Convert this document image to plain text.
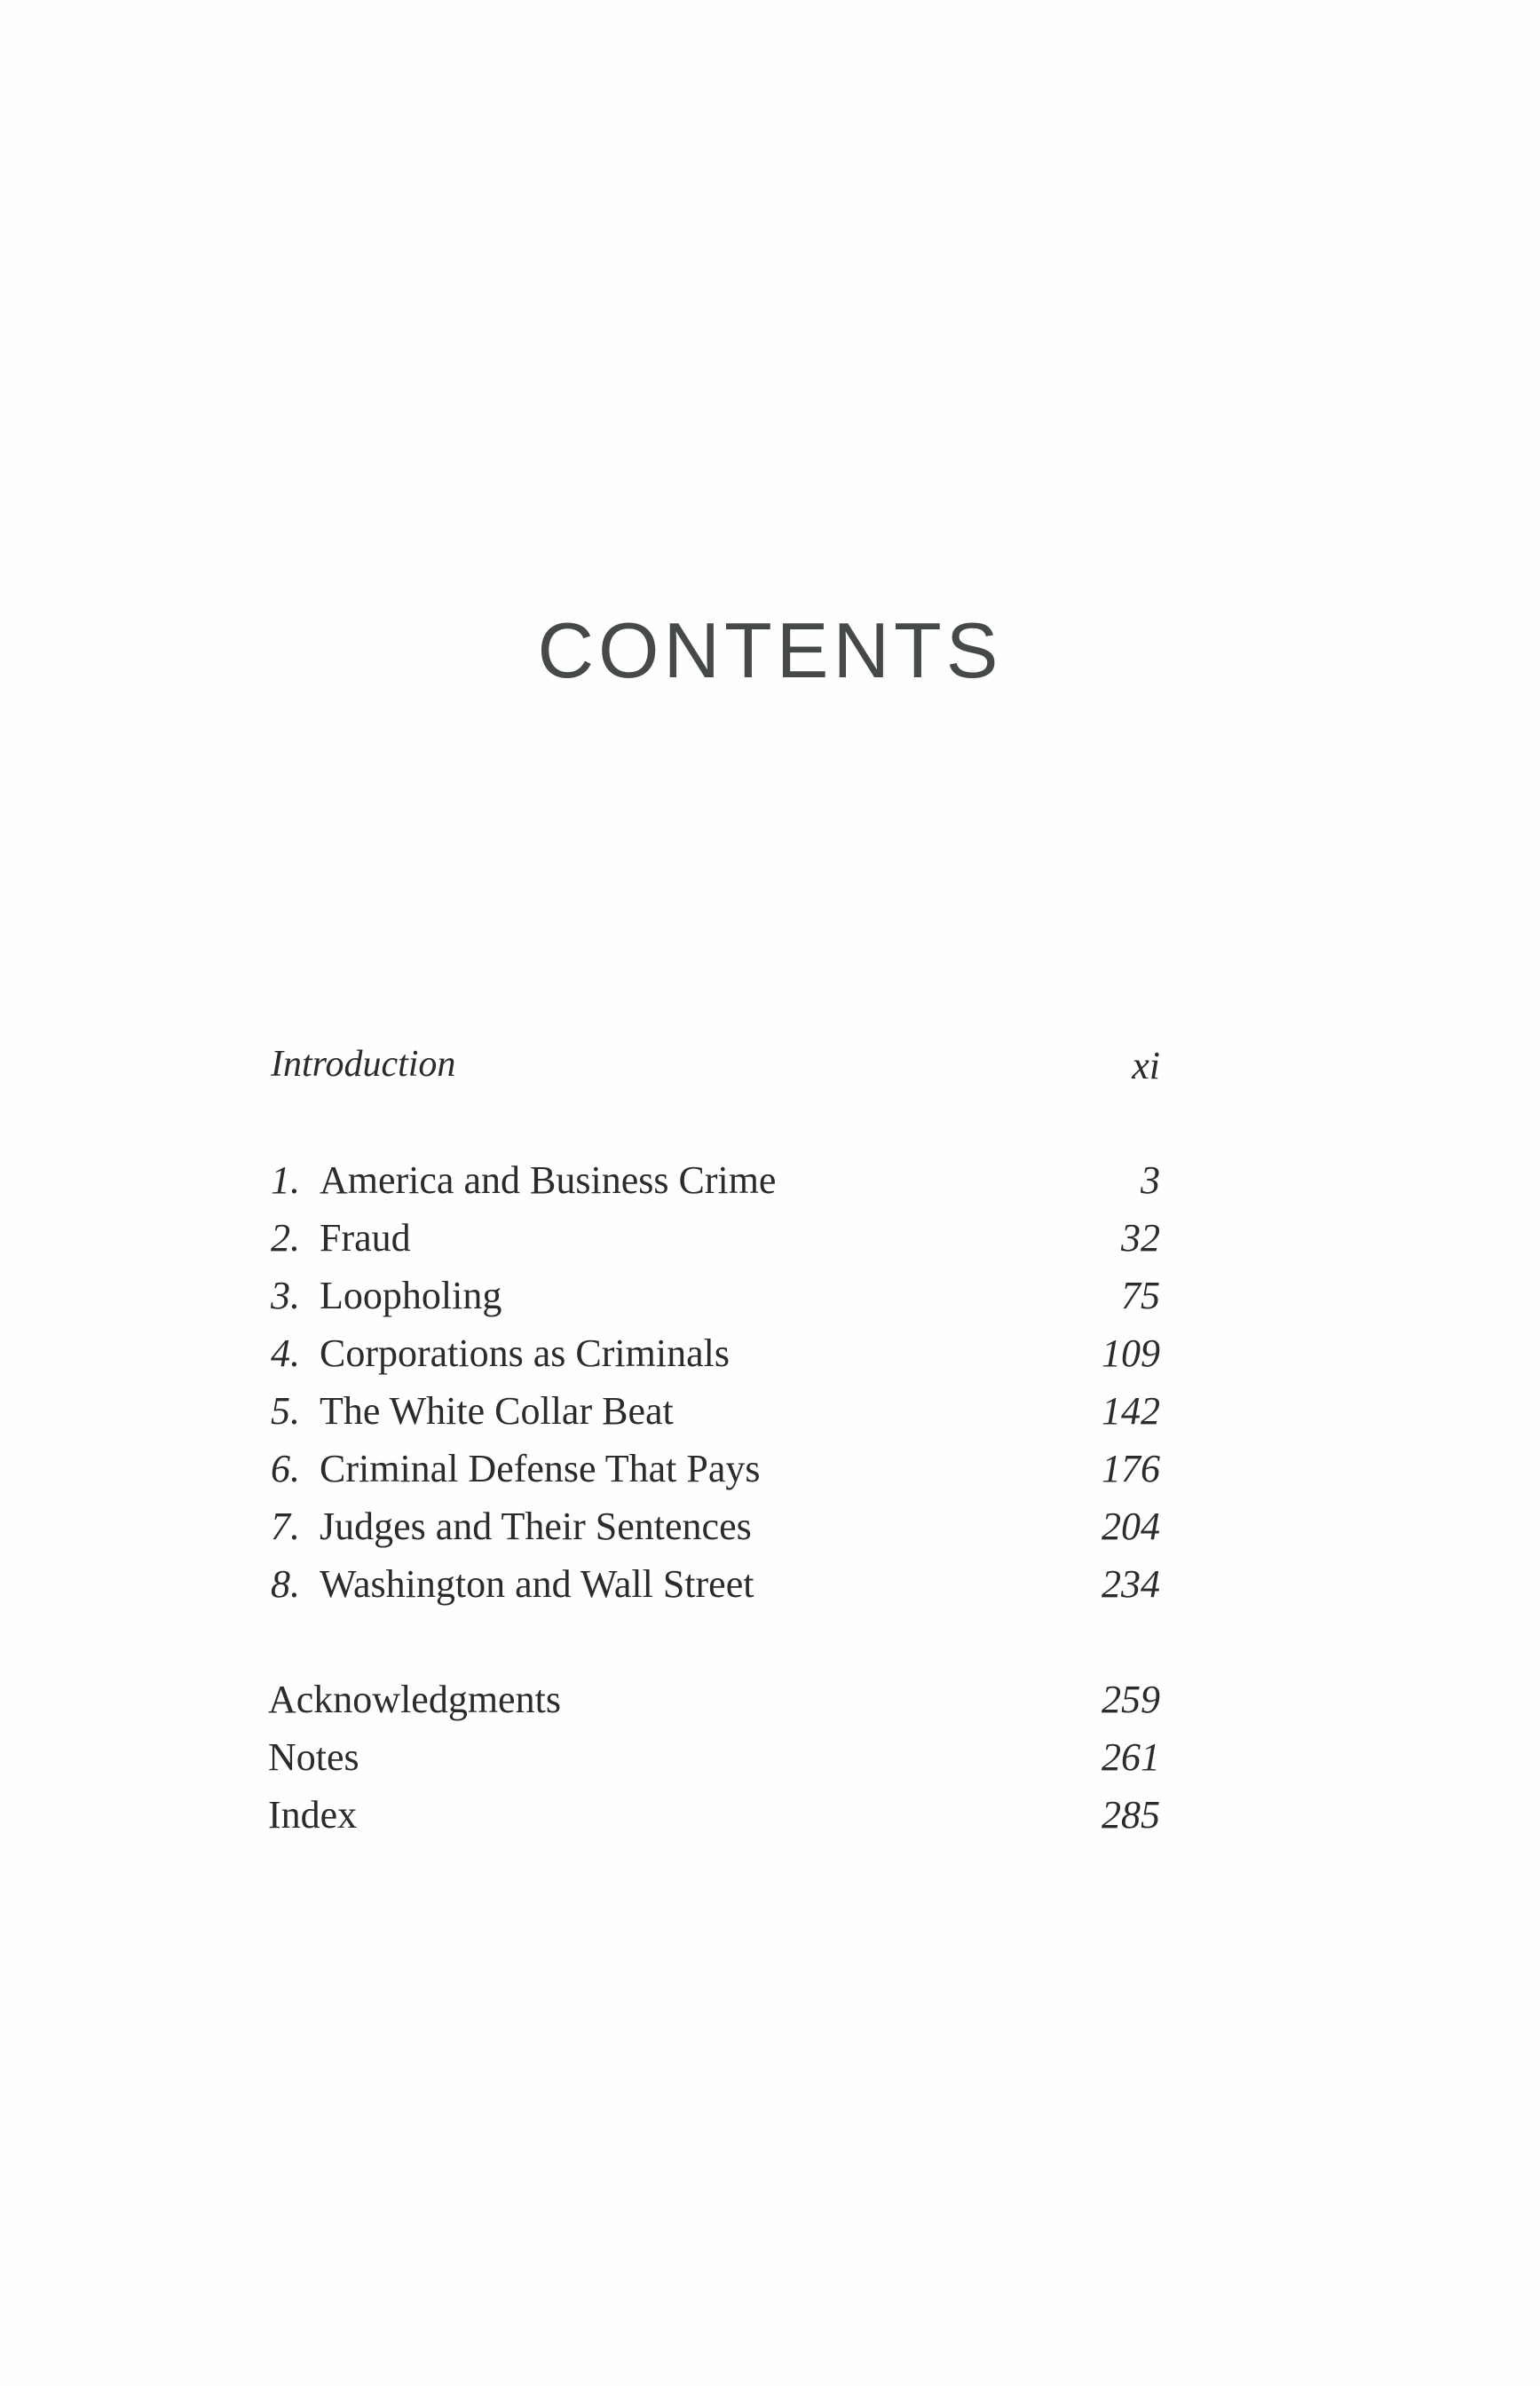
CONTENTS
Introduction	xi
1. America and Business Crime	3
2. Fraud	32
3. Loopholing	75
4. Corporations as Criminals	109
5. The White Collar Beat	142
6. Criminal Defense That Pays	176
7. Judges and Their Sentences	204
8. Washington and Wall Street	234
Acknowledgments	259
Notes	261
Index	285
